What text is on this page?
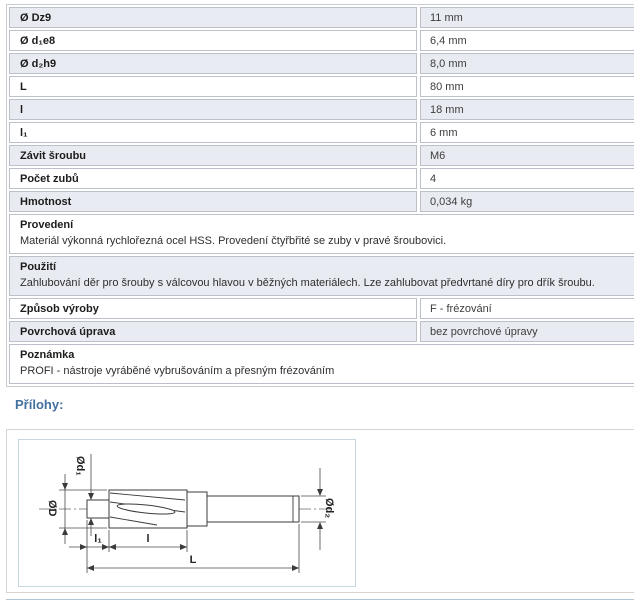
Ø Dz9	11 mm
Ø d₁e8	6,4 mm
Ø d₂h9	8,0 mm
L	80 mm
l	18 mm
l₁	6 mm
Závit šroubu	M6
Počet zubů	4
Hmotnost	0,034 kg
Provedení
Materiál výkonná rychlořezná ocel HSS. Provedení čtyřbřité se zuby v pravé šroubovici.
Použití
Zahlubování děr pro šrouby s válcovou hlavou v běžných materiálech. Lze zahlubovat předvrtané díry pro dřík šroubu.
Způsob výroby	F - frézování
Povrchová úprava	bez povrchové úpravy
Poznámka
PROFI - nástroje vyráběné vybrušováním a přesným frézováním
Přílohy:
ØD
Ød₁
Ød₂
l₁	l
L
